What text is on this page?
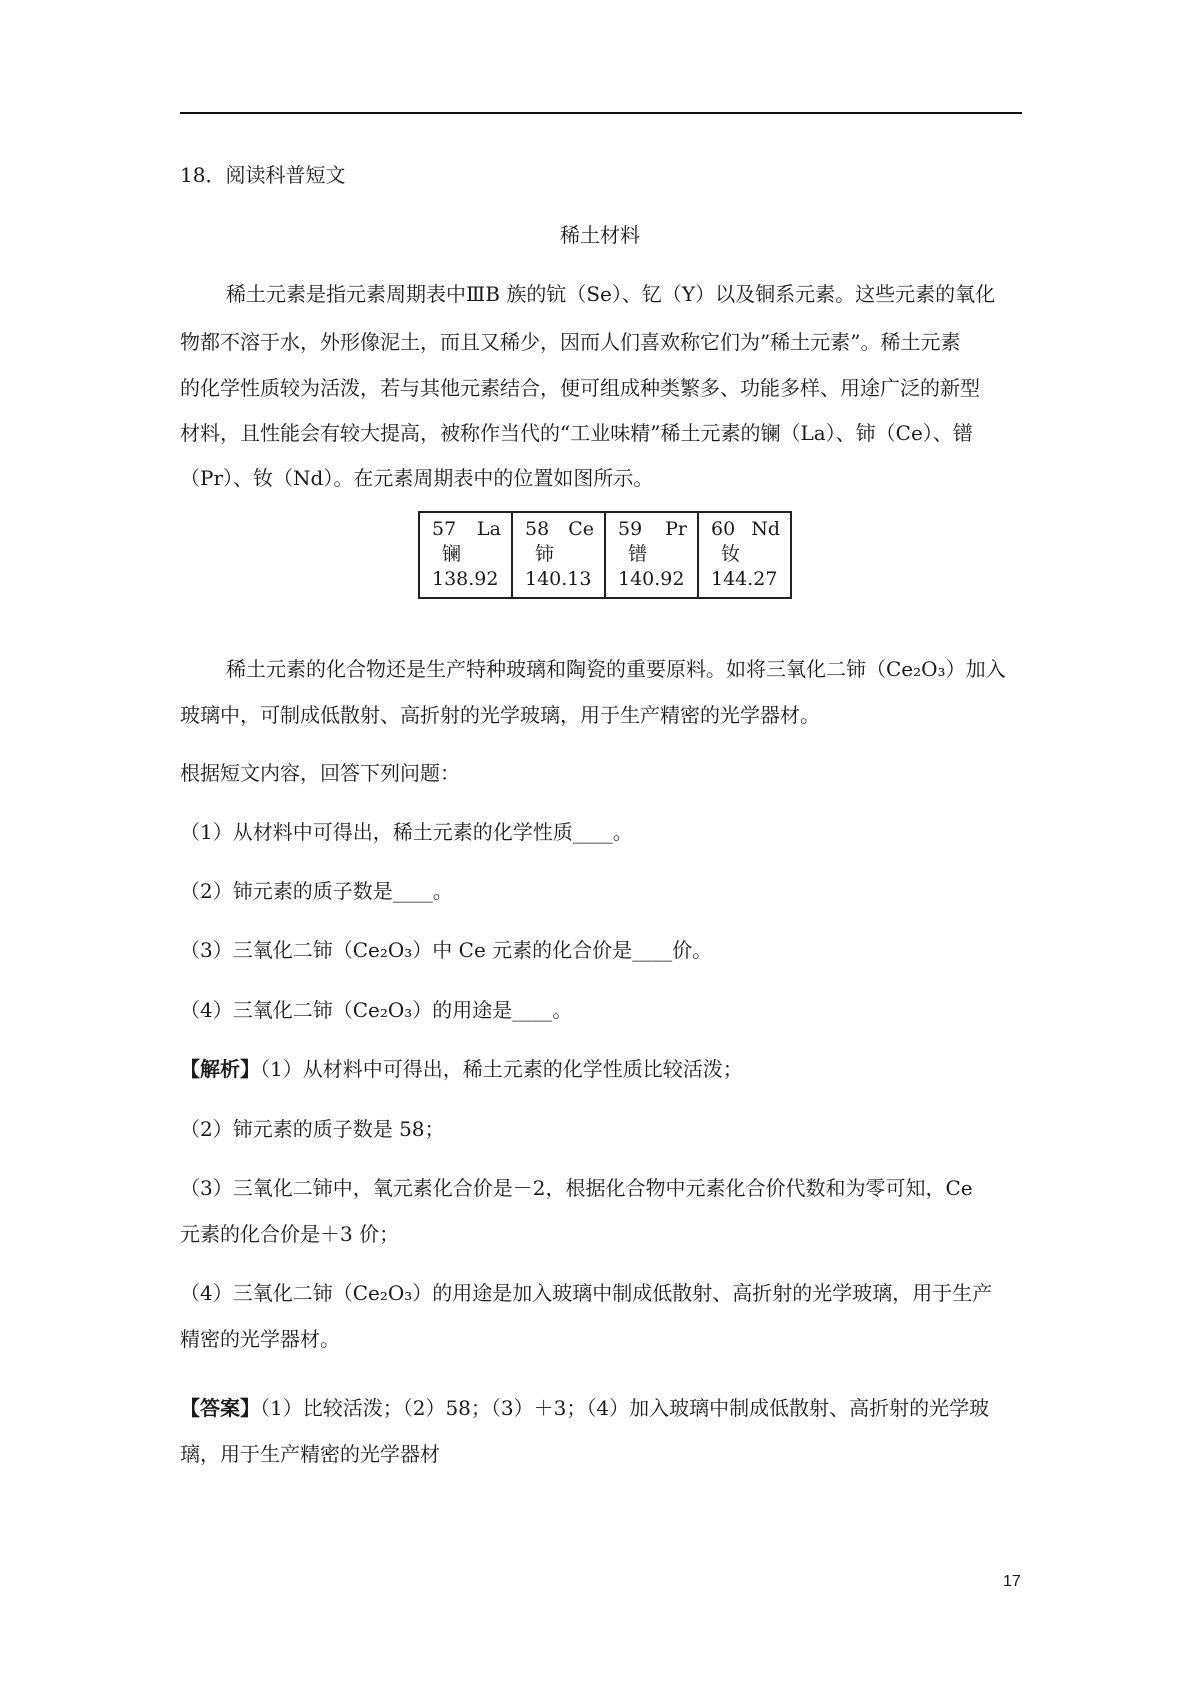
18．阅读科普短文
稀土材料
稀土元素是指元素周期表中ⅢB 族的钪（Se）、钇（Y）以及铜系元素。这些元素的氧化
物都不溶于水，外形像泥土，而且又稀少，因而人们喜欢称它们为”稀土元素”。稀土元素
的化学性质较为活泼，若与其他元素结合，便可组成种类繁多、功能多样、用途广泛的新型
材料，且性能会有较大提高，被称作当代的“工业味精”稀土元素的镧（La）、铈（Ce）、镨
（Pr）、钕（Nd）。在元素周期表中的位置如图所示。
57 La
镧
138.92
58 Ce
铈
140.13
59 Pr
镨
140.92
60 Nd
钕
144.27
稀土元素的化合物还是生产特种玻璃和陶瓷的重要原料。如将三氧化二铈（Ce₂O₃）加入
玻璃中，可制成低散射、高折射的光学玻璃，用于生产精密的光学器材。
根据短文内容，回答下列问题：
（1）从材料中可得出，稀土元素的化学性质____。
（2）铈元素的质子数是____。
（3）三氧化二铈（Ce₂O₃）中 Ce 元素的化合价是____价。
（4）三氧化二铈（Ce₂O₃）的用途是____。
【解析】（1）从材料中可得出，稀土元素的化学性质比较活泼；
（2）铈元素的质子数是 58；
（3）三氧化二铈中，氧元素化合价是－2，根据化合物中元素化合价代数和为零可知，Ce
元素的化合价是＋3 价；
（4）三氧化二铈（Ce₂O₃）的用途是加入玻璃中制成低散射、高折射的光学玻璃，用于生产
精密的光学器材。
【答案】（1）比较活泼；（2）58；（3）＋3；（4）加入玻璃中制成低散射、高折射的光学玻
璃，用于生产精密的光学器材
17
